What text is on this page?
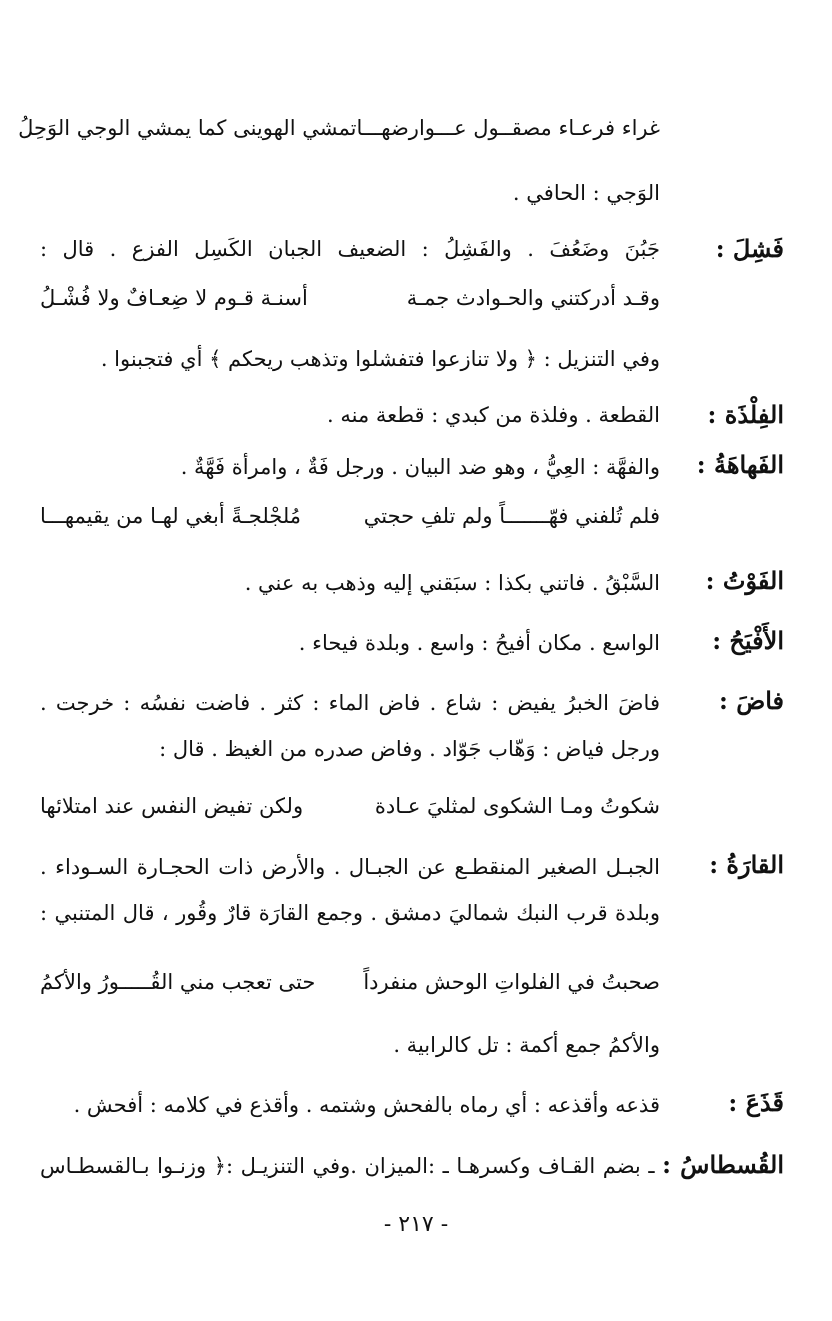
غراء فرعـاء مصقــول عـــوارضهـــا
تمشي الهوينى كما يمشي الوجي الوَحِلُ
الوَجي : الحافي .
فَشِلَ :
جَبُنَ وضَعُفَ . والفَشِلُ : الضعيف الجبان الكَسِل الفزع . قال :
وقـد أدركتني والحـوادث جمـة
أسنـة قـوم لا ضِعـافٌ ولا فُشْـلُ
وفي التنزيل : ﴿ ولا تنازعوا فتفشلوا وتذهب ريحكم ﴾ أي فتجبنوا .
الفِلْذَة :
القطعة . وفلذة من كبدي : قطعة منه .
الفَهاهَةُ :
والفهَّة : العِيُّ ، وهو ضد البيان . ورجل فَةٌ ، وامرأة فَهَّةٌ .
فلم تُلفني فهّـــــــاً ولم تلفِ حجتي
مُلجْلجـةً أبغي لهـا من يقيمهـــا
الفَوْتُ :
السَّبْقُ . فاتني بكذا : سبَقني إليه وذهب به عني .
الأَفْيَحُ :
الواسع . مكان أفيحُ : واسع . وبلدة فيحاء .
فاضَ :
فاضَ الخبرُ يفيض : شاع . فاض الماء : كثر . فاضت نفسُه : خرجت .
ورجل فياض : وَهّاب جَوّاد . وفاض صدره من الغيظ . قال :
شكوتُ ومـا الشكوى لمثليَ عـادة
ولكن تفيض النفس عند امتلائها
القارَةُ :
الجبـل الصغير المنقطـع عن الجبـال . والأرض ذات الحجـارة السـوداء .
وبلدة قرب النبك شماليَ دمشق . وجمع القارَة قارٌ وقُور ، قال المتنبي :
صحبتُ في الفلواتِ الوحش منفرداً
حتى تعجب مني القُـــــورُ والأكمُ
والأكمُ جمع أكمة : تل كالرابية .
قَذَعَ :
قذعه وأقذعه : أي رماه بالفحش وشتمه . وأقذع في كلامه : أفحش .
القُسطاسُ : ـ بضم القـاف وكسرهـا ـ :الميزان .وفي التنزيـل :﴿ وزنـوا بـالقسطـاس
- ٢١٧ -
